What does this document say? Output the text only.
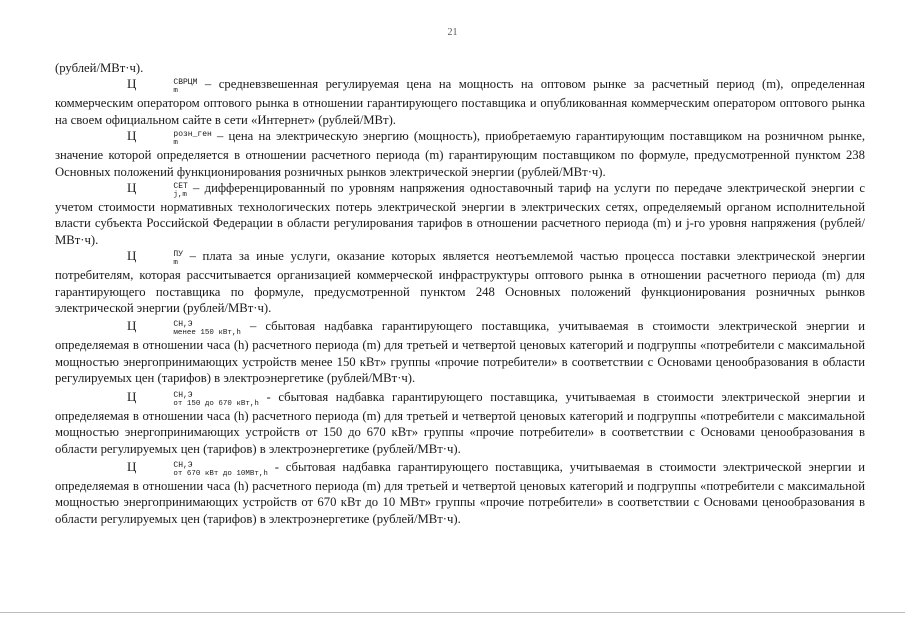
21

(рублей/МВт·ч).

Ц	СВРЦМ
m	– средневзвешенная регулируемая цена на мощность на оптовом рынке за расчетный период (m), определенная коммерческим оператором оптового рынка в отношении гарантирующего поставщика и опубликованная коммерческим оператором оптового рынка на своем официальном сайте в сети «Интернет» (рублей/МВт).

Ц	розн_ген
m	– цена на электрическую энергию (мощность), приобретаемую гарантирующим поставщиком на розничном рынке, значение которой определяется в отношении расчетного периода (m) гарантирующим поставщиком по формуле, предусмотренной пунктом 238 Основных положений функционирования розничных рынков электрической энергии (рублей/МВт·ч).

Ц	СЕТ
j,m – дифференцированный по уровням напряжения одноставочный тариф на услуги по передаче электрической энергии с учетом стоимости нормативных технологических потерь электрической энергии в электрических сетях, определяемый органом исполнительной власти субъекта Российской Федерации в области регулирования тарифов в отношении расчетного периода (m) и j-го уровня напряжения (рублей/МВт·ч).

Ц	ПУ
m – плата за иные услуги, оказание которых является неотъемлемой частью процесса поставки электрической энергии потребителям, которая рассчитывается организацией коммерческой инфраструктуры оптового рынка в отношении расчетного периода (m) для гарантирующего поставщика по формуле, предусмотренной пунктом 248 Основных положений функционирования розничных рынков электрической энергии (рублей/МВт·ч).

Ц	СН,Э
менее 150 кВт,h – сбытовая надбавка гарантирующего поставщика, учитываемая в стоимости электрической энергии и определяемая в отношении часа (h) расчетного периода (m) для третьей и четвертой ценовых категорий и подгруппы «потребители с максимальной мощностью энергопринимающих устройств менее 150 кВт» группы «прочие потребители» в соответствии с Основами ценообразования в области регулируемых цен (тарифов) в электроэнергетике (рублей/МВт·ч).

Ц	СН,Э
от 150 до 670 кВт,h - сбытовая надбавка гарантирующего поставщика, учитываемая в стоимости электрической энергии и определяемая в отношении часа (h) расчетного периода (m) для третьей и четвертой ценовых категорий и подгруппы «потребители с максимальной мощностью энергопринимающих устройств от 150 до 670 кВт» группы «прочие потребители» в соответствии с Основами ценообразования в области регулируемых цен (тарифов) в электроэнергетике (рублей/МВт·ч).

Ц	СН,Э
от 670 кВт до 10МВт,h - сбытовая надбавка гарантирующего поставщика, учитываемая в стоимости электрической энергии и определяемая в отношении часа (h) расчетного периода (m) для третьей и четвертой ценовых категорий и подгруппы «потребители с максимальной мощностью энергопринимающих устройств от 670 кВт до 10 МВт» группы «прочие потребители» в соответствии с Основами ценообразования в области регулируемых цен (тарифов) в электроэнергетике (рублей/МВт·ч).
